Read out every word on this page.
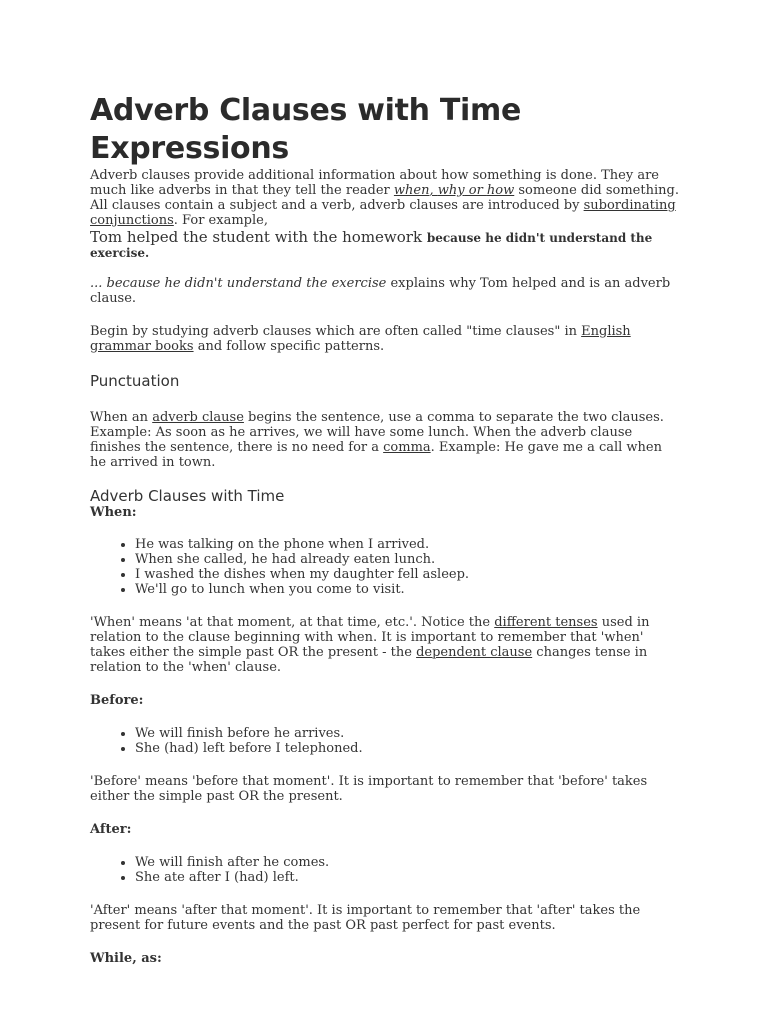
Adverb Clauses with Time Expressions

Adverb clauses provide additional information about how something is done. They are much like adverbs in that they tell the reader when, why or how someone did something. All clauses contain a subject and a verb, adverb clauses are introduced by subordinating conjunctions. For example,

Tom helped the student with the homework because he didn't understand the exercise.

... because he didn't understand the exercise explains why Tom helped and is an adverb clause.

Begin by studying adverb clauses which are often called "time clauses" in English grammar books and follow specific patterns.

Punctuation

When an adverb clause begins the sentence, use a comma to separate the two clauses. Example: As soon as he arrives, we will have some lunch. When the adverb clause finishes the sentence, there is no need for a comma. Example: He gave me a call when he arrived in town.

Adverb Clauses with Time

When:

• He was talking on the phone when I arrived.
• When she called, he had already eaten lunch.
• I washed the dishes when my daughter fell asleep.
• We'll go to lunch when you come to visit.

'When' means 'at that moment, at that time, etc.'. Notice the different tenses used in relation to the clause beginning with when. It is important to remember that 'when' takes either the simple past OR the present - the dependent clause changes tense in relation to the 'when' clause.

Before:

• We will finish before he arrives.
• She (had) left before I telephoned.

'Before' means 'before that moment'. It is important to remember that 'before' takes either the simple past OR the present.

After:

• We will finish after he comes.
• She ate after I (had) left.

'After' means 'after that moment'. It is important to remember that 'after' takes the present for future events and the past OR past perfect for past events.

While, as:
